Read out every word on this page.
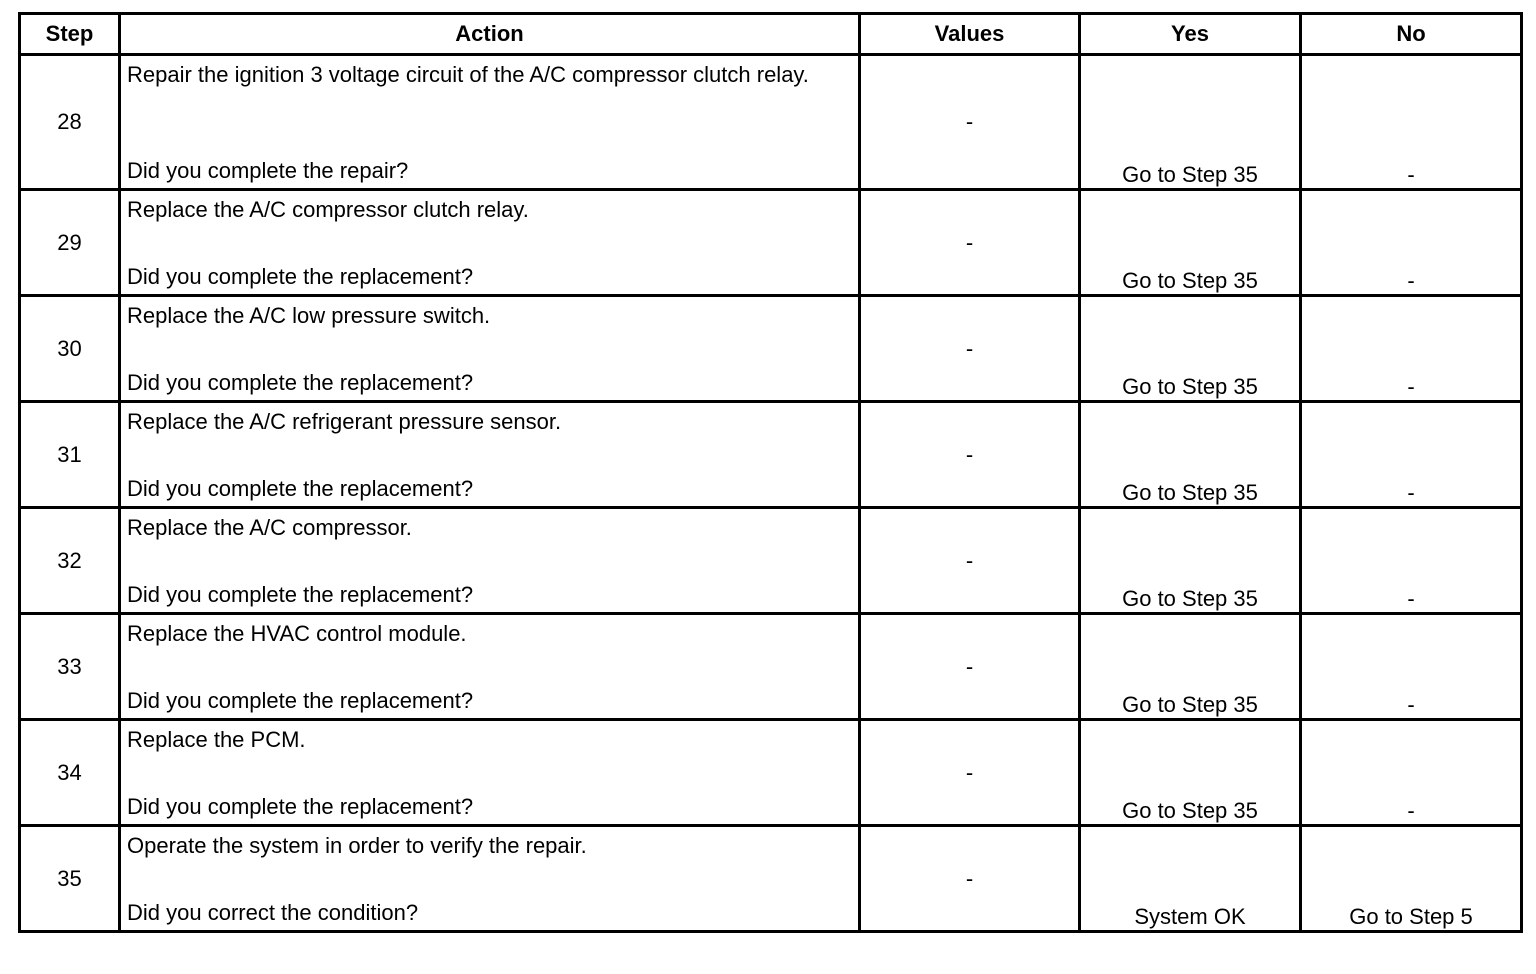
Step	Action	Values	Yes	No
28	Repair the ignition 3 voltage circuit of the A/C compressor clutch relay.
Did you complete the repair?	-	Go to Step 35	-
29	Replace the A/C compressor clutch relay.
Did you complete the replacement?	-	Go to Step 35	-
30	Replace the A/C low pressure switch.
Did you complete the replacement?	-	Go to Step 35	-
31	Replace the A/C refrigerant pressure sensor.
Did you complete the replacement?	-	Go to Step 35	-
32	Replace the A/C compressor.
Did you complete the replacement?	-	Go to Step 35	-
33	Replace the HVAC control module.
Did you complete the replacement?	-	Go to Step 35	-
34	Replace the PCM.
Did you complete the replacement?	-	Go to Step 35	-
35	Operate the system in order to verify the repair.
Did you correct the condition?	-	System OK	Go to Step 5
